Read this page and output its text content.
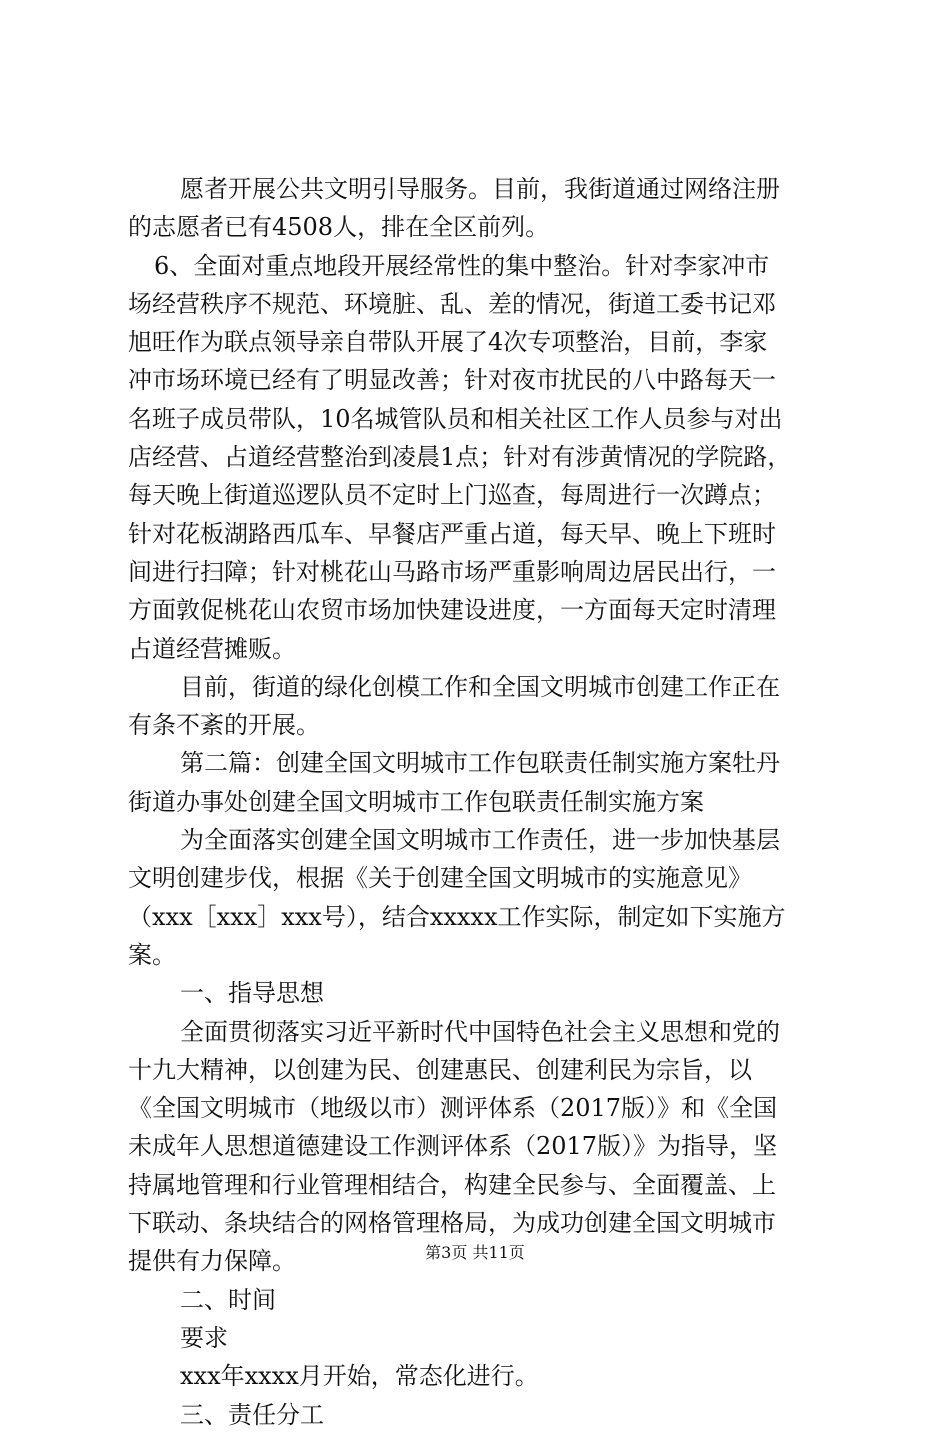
愿者开展公共文明引导服务。目前，我街道通过网络注册
的志愿者已有4508人，排在全区前列。
6、全面对重点地段开展经常性的集中整治。针对李家冲市
场经营秩序不规范、环境脏、乱、差的情况，街道工委书记邓
旭旺作为联点领导亲自带队开展了4次专项整治，目前，李家
冲市场环境已经有了明显改善；针对夜市扰民的八中路每天一
名班子成员带队，10名城管队员和相关社区工作人员参与对出
店经营、占道经营整治到凌晨1点；针对有涉黄情况的学院路，
每天晚上街道巡逻队员不定时上门巡查，每周进行一次蹲点；
针对花板湖路西瓜车、早餐店严重占道，每天早、晚上下班时
间进行扫障；针对桃花山马路市场严重影响周边居民出行，一
方面敦促桃花山农贸市场加快建设进度，一方面每天定时清理
占道经营摊贩。
目前，街道的绿化创模工作和全国文明城市创建工作正在
有条不紊的开展。
第二篇：创建全国文明城市工作包联责任制实施方案牡丹
街道办事处创建全国文明城市工作包联责任制实施方案
为全面落实创建全国文明城市工作责任，进一步加快基层
文明创建步伐，根据《关于创建全国文明城市的实施意见》
（xxx［xxx］xxx号），结合xxxxx工作实际，制定如下实施方
案。
一、指导思想
全面贯彻落实习近平新时代中国特色社会主义思想和党的
十九大精神，以创建为民、创建惠民、创建利民为宗旨，以
《全国文明城市（地级以市）测评体系（2017版）》和《全国
未成年人思想道德建设工作测评体系（2017版）》为指导，坚
持属地管理和行业管理相结合，构建全民参与、全面覆盖、上
下联动、条块结合的网格管理格局，为成功创建全国文明城市
提供有力保障。
二、时间
要求
xxx年xxxx月开始，常态化进行。
三、责任分工
第3页 共11页
